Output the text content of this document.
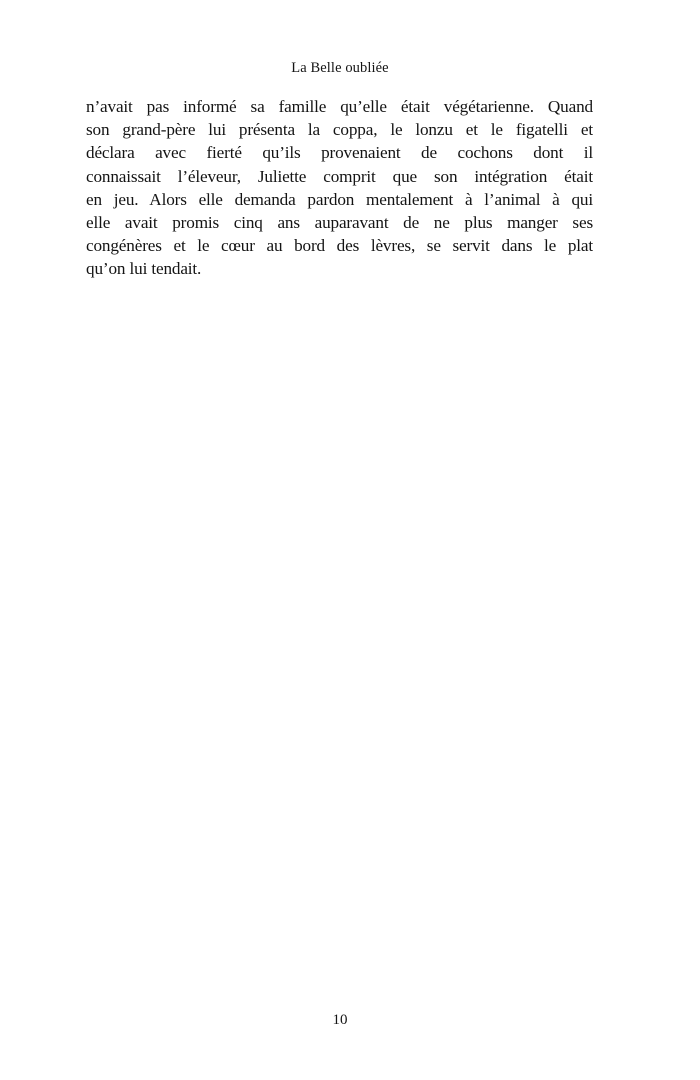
La Belle oubliée
n’avait pas informé sa famille qu’elle était végétarienne. Quand
son grand-père lui présenta la coppa, le lonzu et le figatelli et
déclara avec fierté qu’ils provenaient de cochons dont il
connaissait l’éleveur, Juliette comprit que son intégration était
en jeu. Alors elle demanda pardon mentalement à l’animal à qui
elle avait promis cinq ans auparavant de ne plus manger ses
congénères et le cœur au bord des lèvres, se servit dans le plat
qu’on lui tendait.
10
